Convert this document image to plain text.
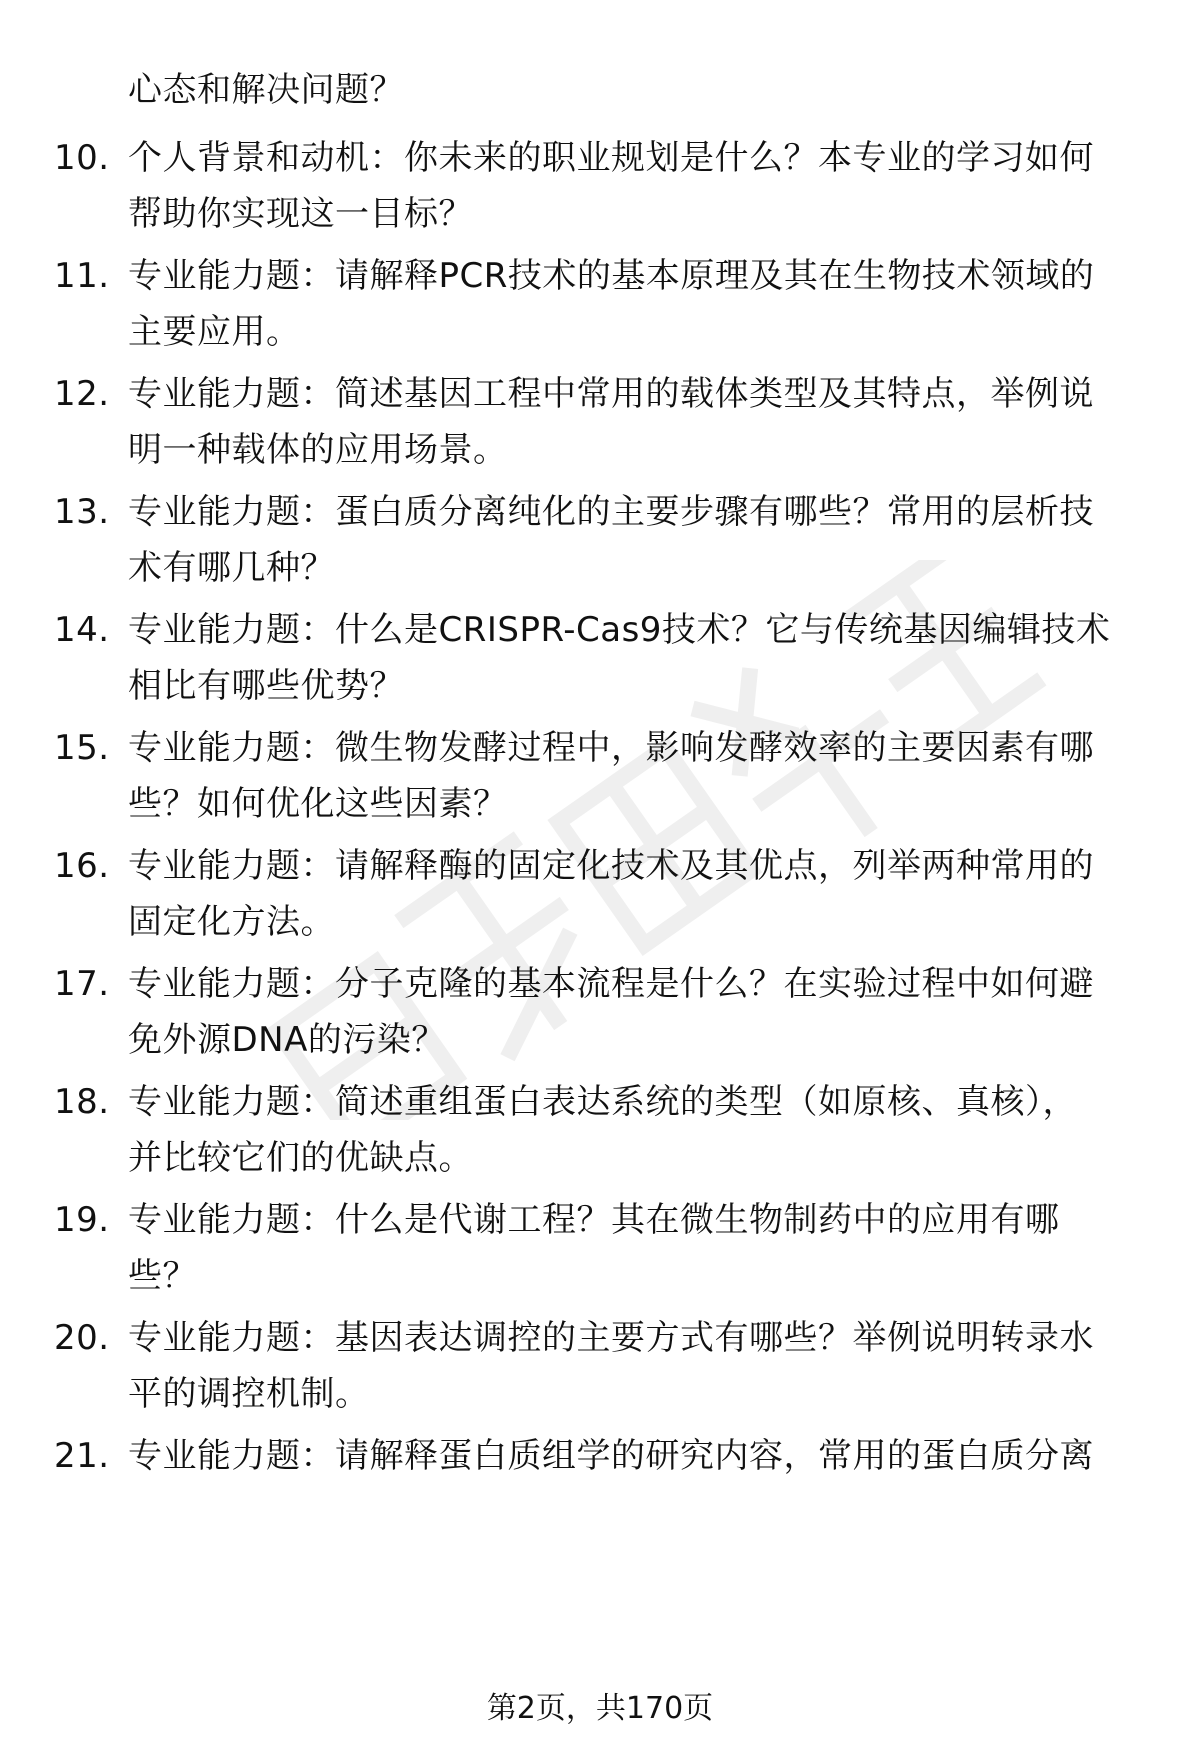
心态和解决问题？
10. 个人背景和动机：你未来的职业规划是什么？本专业的学习如何
帮助你实现这一目标？
11. 专业能力题：请解释PCR技术的基本原理及其在生物技术领域的
主要应用。
12. 专业能力题：简述基因工程中常用的载体类型及其特点，举例说
明一种载体的应用场景。
13. 专业能力题：蛋白质分离纯化的主要步骤有哪些？常用的层析技
术有哪几种？
14. 专业能力题：什么是CRISPR-Cas9技术？它与传统基因编辑技术
相比有哪些优势？
15. 专业能力题：微生物发酵过程中，影响发酵效率的主要因素有哪
些？如何优化这些因素？
16. 专业能力题：请解释酶的固定化技术及其优点，列举两种常用的
固定化方法。
17. 专业能力题：分子克隆的基本流程是什么？在实验过程中如何避
免外源DNA的污染？
18. 专业能力题：简述重组蛋白表达系统的类型（如原核、真核），
并比较它们的优缺点。
19. 专业能力题：什么是代谢工程？其在微生物制药中的应用有哪
些？
20. 专业能力题：基因表达调控的主要方式有哪些？举例说明转录水
平的调控机制。
21. 专业能力题：请解释蛋白质组学的研究内容，常用的蛋白质分离
第2页，共170页
